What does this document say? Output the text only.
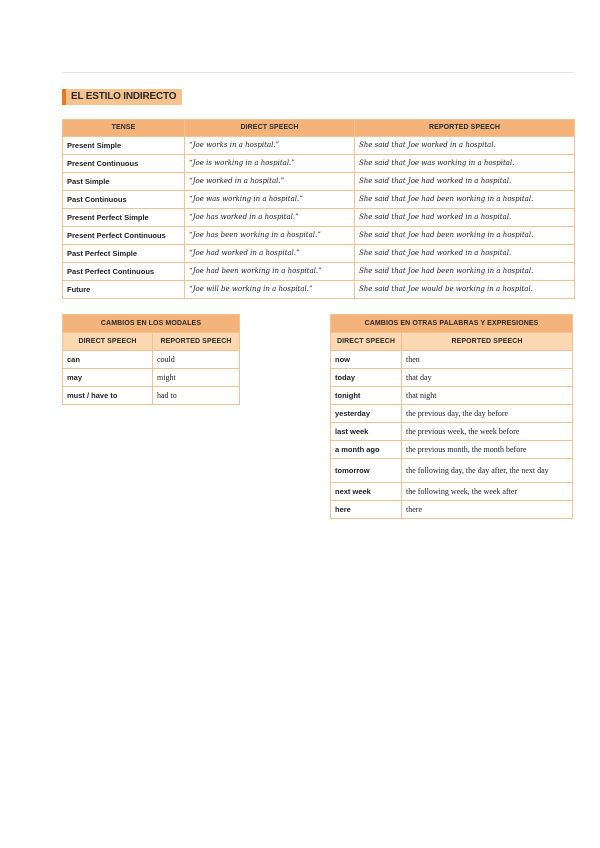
EL ESTILO INDIRECTO
TENSE	DIRECT SPEECH	REPORTED SPEECH
Present Simple	“Joe works in a hospital.”	She said that Joe worked in a hospital.
Present Continuous	“Joe is working in a hospital.”	She said that Joe was working in a hospital.
Past Simple	“Joe worked in a hospital.”	She said that Joe had worked in a hospital.
Past Continuous	“Joe was working in a hospital.”	She said that Joe had been working in a hospital.
Present Perfect Simple	“Joe has worked in a hospital.”	She said that Joe had worked in a hospital.
Present Perfect Continuous	“Joe has been working in a hospital.”	She said that Joe had been working in a hospital.
Past Perfect Simple	“Joe had worked in a hospital.”	She said that Joe had worked in a hospital.
Past Perfect Continuous	“Joe had been working in a hospital.”	She said that Joe had been working in a hospital.
Future	“Joe will be working in a hospital.”	She said that Joe would be working in a hospital.
CAMBIOS EN LOS MODALES	
DIRECT SPEECH	REPORTED SPEECH
can	could
may	might
must / have to	had to
CAMBIOS EN OTRAS PALABRAS Y EXPRESIONES	
DIRECT SPEECH	REPORTED SPEECH
now	then
today	that day
tonight	that night
yesterday	the previous day, the day before
last week	the previous week, the week before
a month ago	the previous month, the month before
tomorrow	the following day, the day after, the next day
next week	the following week, the week after
here	there
